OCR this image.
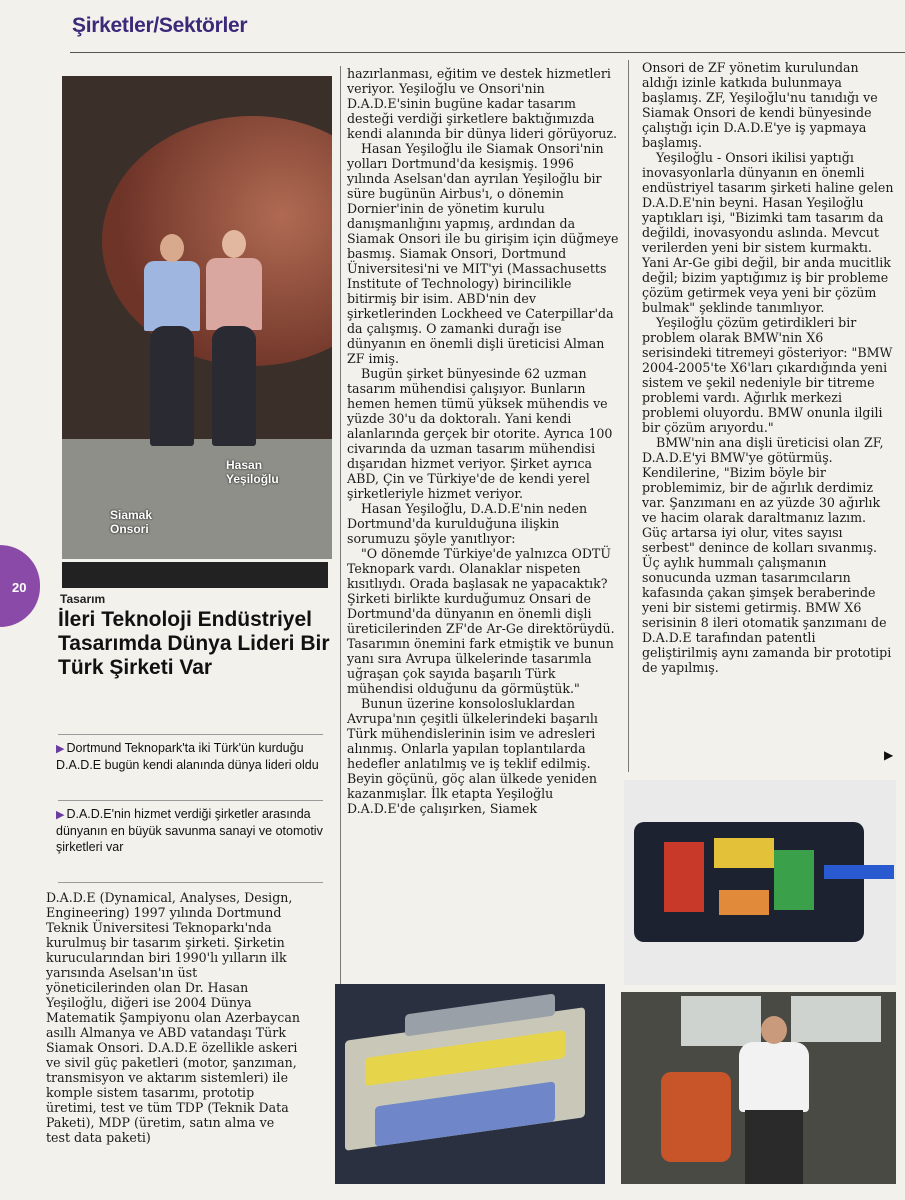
Şirketler/Sektörler
Siamak
Onsori
Hasan
Yeşiloğlu
20
Tasarım
İleri Teknoloji Endüstriyel Tasarımda Dünya Lideri Bir Türk Şirketi Var
▶ Dortmund Teknopark'ta iki Türk'ün kurduğu D.A.D.E bugün kendi alanında dünya lideri oldu
▶ D.A.D.E'nin hizmet verdiği şirketler arasında dünyanın en büyük savunma sanayi ve otomotiv şirketleri var

D.A.D.E (Dynamical, Analyses, Design, Engineering) 1997 yılında Dortmund Teknik Üniversitesi Teknoparkı'nda kurulmuş bir tasarım şirketi. Şirketin kurucularından biri 1990'lı yılların ilk yarısında Aselsan'ın üst yöneticilerinden olan Dr. Hasan Yeşiloğlu, diğeri ise 2004 Dünya Matematik Şampiyonu olan Azerbaycan asıllı Almanya ve ABD vatandaşı Türk Siamak Onsori. D.A.D.E özellikle askeri ve sivil güç paketleri (motor, şanzıman, transmisyon ve aktarım sistemleri) ile komple sistem tasarımı, prototip üretimi, test ve tüm TDP (Teknik Data Paketi), MDP (üretim, satın alma ve test data paketi)

hazırlanması, eğitim ve destek hizmetleri veriyor. Yeşiloğlu ve Onsori'nin D.A.D.E'sinin bugüne kadar tasarım desteği verdiği şirketlere baktığımızda kendi alanında bir dünya lideri görüyoruz.

Hasan Yeşiloğlu ile Siamak Onsori'nin yolları Dortmund'da kesişmiş. 1996 yılında Aselsan'dan ayrılan Yeşiloğlu bir süre bugünün Airbus'ı, o dönemin Dornier'inin de yönetim kurulu danışmanlığını yapmış, ardından da Siamak Onsori ile bu girişim için düğmeye basmış. Siamak Onsori, Dortmund Üniversitesi'ni ve MIT'yi (Massachusetts Institute of Technology) birincilikle bitirmiş bir isim. ABD'nin dev şirketlerinden Lockheed ve Caterpillar'da da çalışmış. O zamanki durağı ise dünyanın en önemli dişli üreticisi Alman ZF imiş.

Bugün şirket bünyesinde 62 uzman tasarım mühendisi çalışıyor. Bunların hemen hemen tümü yüksek mühendis ve yüzde 30'u da doktoralı. Yani kendi alanlarında gerçek bir otorite. Ayrıca 100 civarında da uzman tasarım mühendisi dışarıdan hizmet veriyor. Şirket ayrıca ABD, Çin ve Türkiye'de de kendi yerel şirketleriyle hizmet veriyor.

Hasan Yeşiloğlu, D.A.D.E'nin neden Dortmund'da kurulduğuna ilişkin sorumuzu şöyle yanıtlıyor:

"O dönemde Türkiye'de yalnızca ODTÜ Teknopark vardı. Olanaklar nispeten kısıtlıydı. Orada başlasak ne yapacaktık? Şirketi birlikte kurduğumuz Onsari de Dortmund'da dünyanın en önemli dişli üreticilerinden ZF'de Ar-Ge direktörüydü. Tasarımın önemini fark etmiştik ve bunun yanı sıra Avrupa ülkelerinde tasarımla uğraşan çok sayıda başarılı Türk mühendisi olduğunu da görmüştük."

Bunun üzerine konsolosluklardan Avrupa'nın çeşitli ülkelerindeki başarılı Türk mühendislerinin isim ve adresleri alınmış. Onlarla yapılan toplantılarda hedefler anlatılmış ve iş teklif edilmiş. Beyin göçünü, göç alan ülkede yeniden kazanmışlar. İlk etapta Yeşiloğlu D.A.D.E'de çalışırken, Siamek

Onsori de ZF yönetim kurulundan aldığı izinle katkıda bulunmaya başlamış. ZF, Yeşiloğlu'nu tanıdığı ve Siamak Onsori de kendi bünyesinde çalıştığı için D.A.D.E'ye iş yapmaya başlamış.

Yeşiloğlu - Onsori ikilisi yaptığı inovasyonlarla dünyanın en önemli endüstriyel tasarım şirketi haline gelen D.A.D.E'nin beyni. Hasan Yeşiloğlu yaptıkları işi, "Bizimki tam tasarım da değildi, inovasyondu aslında. Mevcut verilerden yeni bir sistem kurmaktı. Yani Ar-Ge gibi değil, bir anda mucitlik değil; bizim yaptığımız iş bir probleme çözüm getirmek veya yeni bir çözüm bulmak" şeklinde tanımlıyor.

Yeşiloğlu çözüm getirdikleri bir problem olarak BMW'nin X6 serisindeki titremeyi gösteriyor: "BMW 2004-2005'te X6'ları çıkardığında yeni sistem ve şekil nedeniyle bir titreme problemi vardı. Ağırlık merkezi problemi oluyordu. BMW onunla ilgili bir çözüm arıyordu."

BMW'nin ana dişli üreticisi olan ZF, D.A.D.E'yi BMW'ye götürmüş. Kendilerine, "Bizim böyle bir problemimiz, bir de ağırlık derdimiz var. Şanzımanı en az yüzde 30 ağırlık ve hacim olarak daraltmanız lazım. Güç artarsa iyi olur, vites sayısı serbest" denince de kolları sıvanmış. Üç aylık hummalı çalışmanın sonucunda uzman tasarımcıların kafasında çakan şimşek beraberinde yeni bir sistemi getirmiş. BMW X6 serisinin 8 ileri otomatik şanzımanı de D.A.D.E tarafından patentli geliştirilmiş aynı zamanda bir prototipi de yapılmış.

▶
